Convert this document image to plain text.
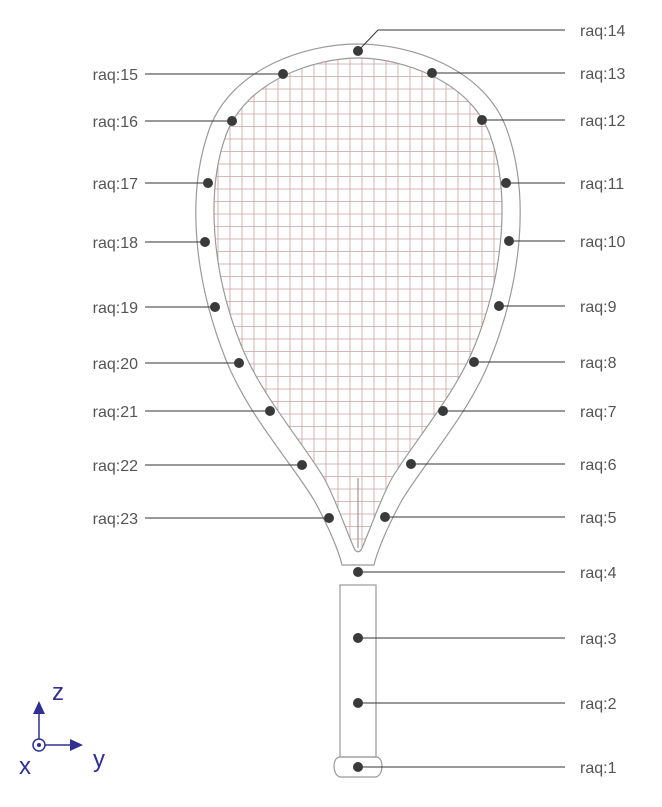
raq:1
raq:2
raq:3
raq:4
raq:5
raq:6
raq:7
raq:8
raq:9
raq:10
raq:11
raq:12
raq:13
raq:14
raq:15
raq:16
raq:17
raq:18
raq:19
raq:20
raq:21
raq:22
raq:23
z
y
x
